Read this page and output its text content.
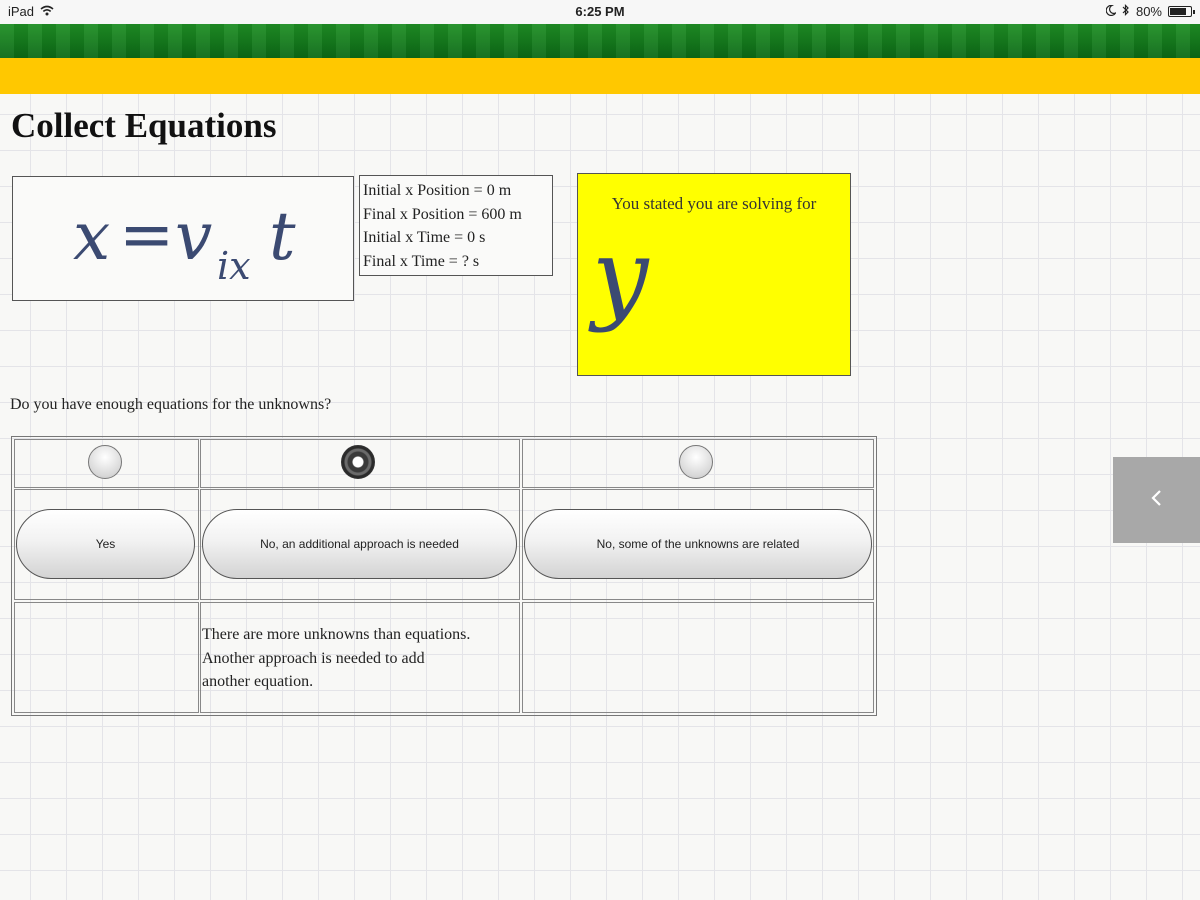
iPad	6:25 PM	80%
Collect Equations
x = v ix t
Initial x Position = 0 m
Final x Position = 600 m
Initial x Time = 0 s
Final x Time = ? s
You stated you are solving for
y
Do you have enough equations for the unknowns?
Yes	No, an additional approach is needed	No, some of the unknowns are related
There are more unknowns than equations.
Another approach is needed to add
another equation.
